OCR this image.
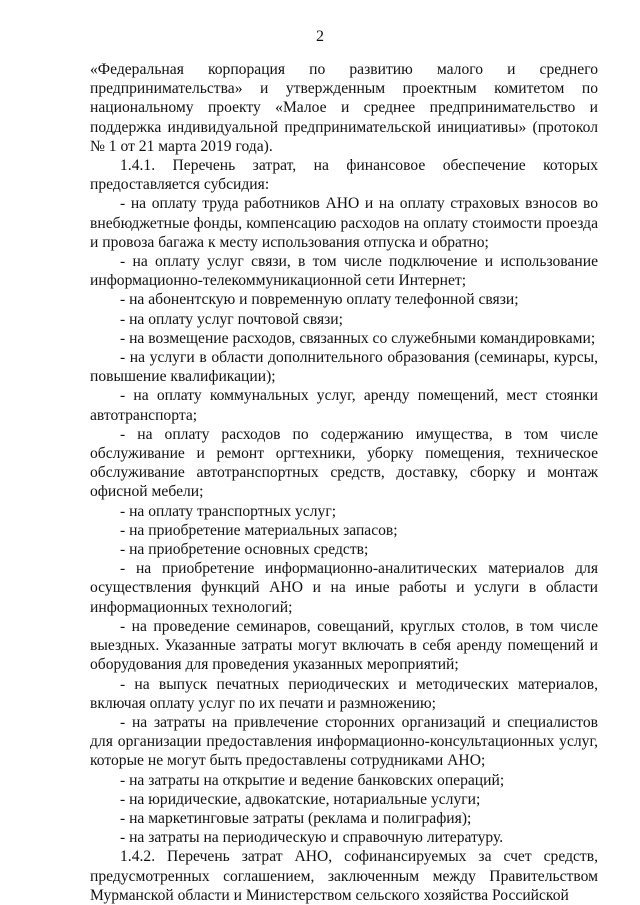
2

«Федеральная корпорация по развитию малого и среднего предпринимательства» и утвержденным проектным комитетом по национальному проекту «Малое и среднее предпринимательство и поддержка индивидуальной предпринимательской инициативы» (протокол № 1 от 21 марта 2019 года).

1.4.1. Перечень затрат, на финансовое обеспечение которых предоставляется субсидия:

- на оплату труда работников АНО и на оплату страховых взносов во внебюджетные фонды, компенсацию расходов на оплату стоимости проезда и провоза багажа к месту использования отпуска и обратно;

- на оплату услуг связи, в том числе подключение и использование информационно-телекоммуникационной сети Интернет;

- на абонентскую и повременную оплату телефонной связи;

- на оплату услуг почтовой связи;

- на возмещение расходов, связанных со служебными командировками;

- на услуги в области дополнительного образования (семинары, курсы, повышение квалификации);

- на оплату коммунальных услуг, аренду помещений, мест стоянки автотранспорта;

- на оплату расходов по содержанию имущества, в том числе обслуживание и ремонт оргтехники, уборку помещения, техническое обслуживание автотранспортных средств, доставку, сборку и монтаж офисной мебели;

- на оплату транспортных услуг;

- на приобретение материальных запасов;

- на приобретение основных средств;

- на приобретение информационно-аналитических материалов для осуществления функций АНО и на иные работы и услуги в области информационных технологий;

- на проведение семинаров, совещаний, круглых столов, в том числе выездных. Указанные затраты могут включать в себя аренду помещений и оборудования для проведения указанных мероприятий;

- на выпуск печатных периодических и методических материалов, включая оплату услуг по их печати и размножению;

- на затраты на привлечение сторонних организаций и специалистов для организации предоставления информационно-консультационных услуг, которые не могут быть предоставлены сотрудниками АНО;

- на затраты на открытие и ведение банковских операций;

- на юридические, адвокатские, нотариальные услуги;

- на маркетинговые затраты (реклама и полиграфия);

- на затраты на периодическую и справочную литературу.

1.4.2. Перечень затрат АНО, софинансируемых за счет средств, предусмотренных соглашением, заключенным между Правительством Мурманской области и Министерством сельского хозяйства Российской
